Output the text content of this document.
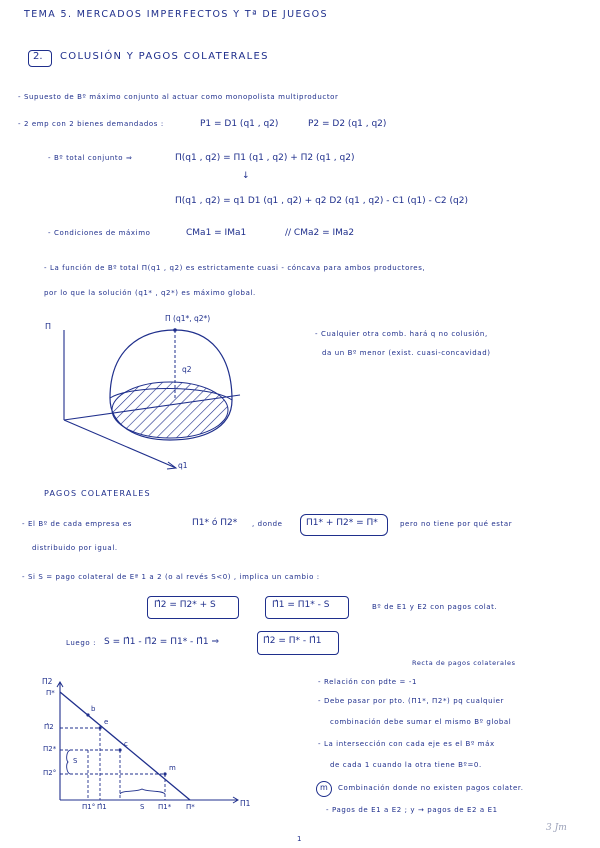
TEMA 5. MERCADOS IMPERFECTOS Y Tª DE JUEGOS
2. COLUSIÓN Y PAGOS COLATERALES
- Supuesto de Bº máximo conjunto al actuar como monopolista multiproductor
- 2 emp con 2 bienes demandados :	P1 = D1 (q1 , q2)	P2 = D2 (q1 , q2)
- Bº total conjunto ⇒	Π(q1 , q2) = Π1 (q1 , q2) + Π2 (q1 , q2)
↓
Π(q1 , q2) = q1 D1 (q1 , q2) + q2 D2 (q1 , q2) - C1 (q1) - C2 (q2)
- Condiciones de máximo	CMa1 = IMa1	// CMa2 = IMa2
- La función de Bº total Π(q1 , q2) es estrictamente cuasi - cóncava para ambos productores,
por lo que la solución (q1* , q2*) es máximo global.
Π
Π (q1*, q2*)
q2
q1
- Cualquier otra comb. hará q no colusión,
da un Bº menor (exist. cuasi-concavidad)
PAGOS COLATERALES
- El Bº de cada empresa es	Π1* ó Π2* , donde	Π1* + Π2* = Π*	pero no tiene por qué estar
distribuido por igual.
- Si S = pago colateral de Eª 1 a 2 (o al revés S<0) , implica un cambio :
Π̂2 = Π2* + S	Π̂1 = Π1* - S	Bº de E1 y E2 con pagos colat.
Luego : S = Π̂1 - Π̂2 = Π1* - Π̂1 ⇒	Π̂2 = Π* - Π̂1
Π2
Π1
Π*
Π̂2
Π2*
S
Π2°
b
e
c
m
Π1° Π̂1	S Π1* Π*
Recta de pagos colaterales
- Relación con pdte = -1
- Debe pasar por pto. (Π1*, Π2*) pq cualquier
combinación debe sumar el mismo Bº global
- La intersección con cada eje es el Bº máx
de cada 1 cuando la otra tiene Bº=0.
m Combinación donde no existen pagos colater.
- Pagos de E1 a E2 ; y → pagos de E2 a E1
1
3 Jm
